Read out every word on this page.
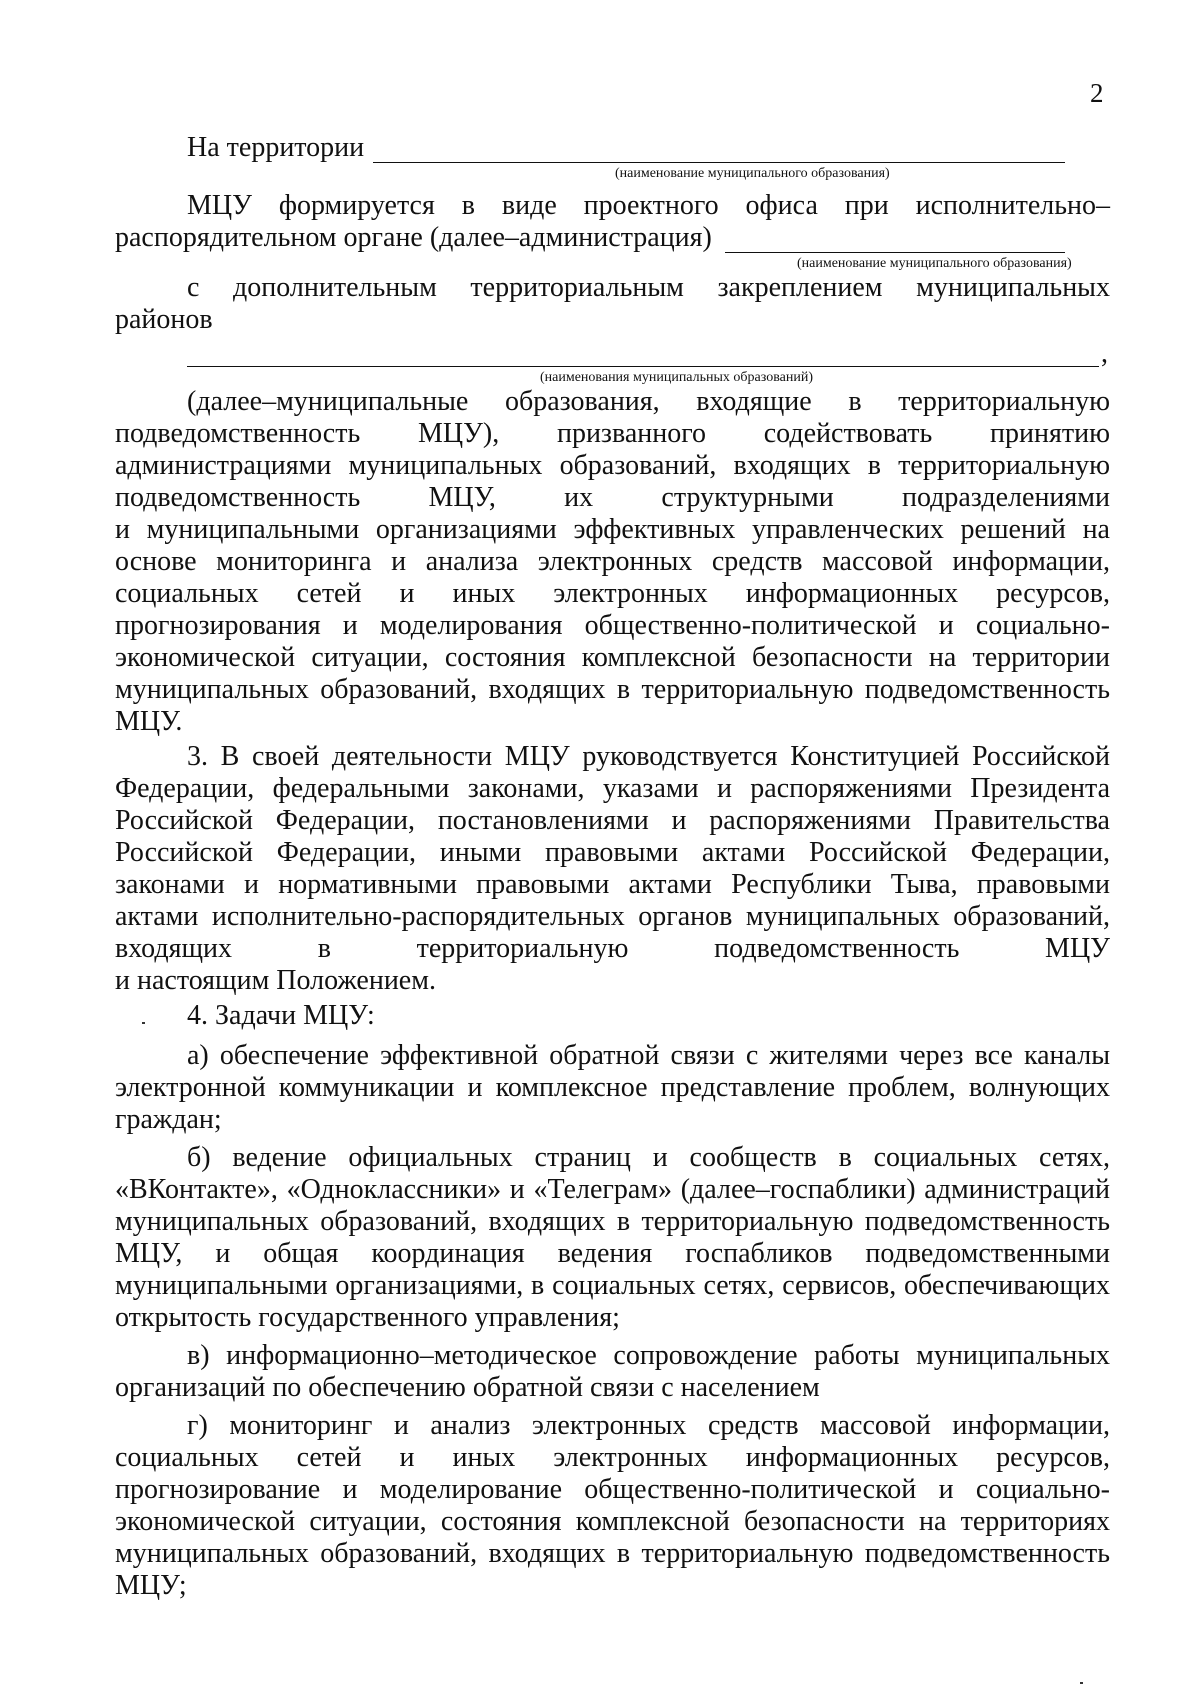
2
На территории
(наименование муниципального образования)
МЦУ формируется в виде проектного офиса при исполнительно–
распорядительном органе (далее–администрация)
(наименование муниципального образования)
с дополнительным территориальным закреплением муниципальных
районов
,
(наименования муниципальных образований)
(далее–муниципальные образования, входящие в территориальную
подведомственность МЦУ), призванного содействовать принятию
администрациями муниципальных образований, входящих в территориальную
подведомственность МЦУ, их структурными подразделениями
и муниципальными организациями эффективных управленческих решений на
основе мониторинга и анализа электронных средств массовой информации,
социальных сетей и иных электронных информационных ресурсов,
прогнозирования и моделирования общественно-политической и социально-
экономической ситуации, состояния комплексной безопасности на территории
муниципальных образований, входящих в территориальную подведомственность
МЦУ.
3. В своей деятельности МЦУ руководствуется Конституцией Российской
Федерации, федеральными законами, указами и распоряжениями Президента
Российской Федерации, постановлениями и распоряжениями Правительства
Российской Федерации, иными правовыми актами Российской Федерации,
законами и нормативными правовыми актами Республики Тыва, правовыми
актами исполнительно-распорядительных органов муниципальных образований,
входящих в территориальную подведомственность МЦУ
и настоящим Положением.
4. Задачи МЦУ:
а) обеспечение эффективной обратной связи с жителями через все каналы
электронной коммуникации и комплексное представление проблем, волнующих
граждан;
б) ведение официальных страниц и сообществ в социальных сетях,
«ВКонтакте», «Одноклассники» и «Телеграм» (далее–госпаблики) администраций
муниципальных образований, входящих в территориальную подведомственность
МЦУ, и общая координация ведения госпабликов подведомственными
муниципальными организациями, в социальных сетях, сервисов, обеспечивающих
открытость государственного управления;
в) информационно–методическое сопровождение работы муниципальных
организаций по обеспечению обратной связи с населением
г) мониторинг и анализ электронных средств массовой информации,
социальных сетей и иных электронных информационных ресурсов,
прогнозирование и моделирование общественно-политической и социально-
экономической ситуации, состояния комплексной безопасности на территориях
муниципальных образований, входящих в территориальную подведомственность
МЦУ;
